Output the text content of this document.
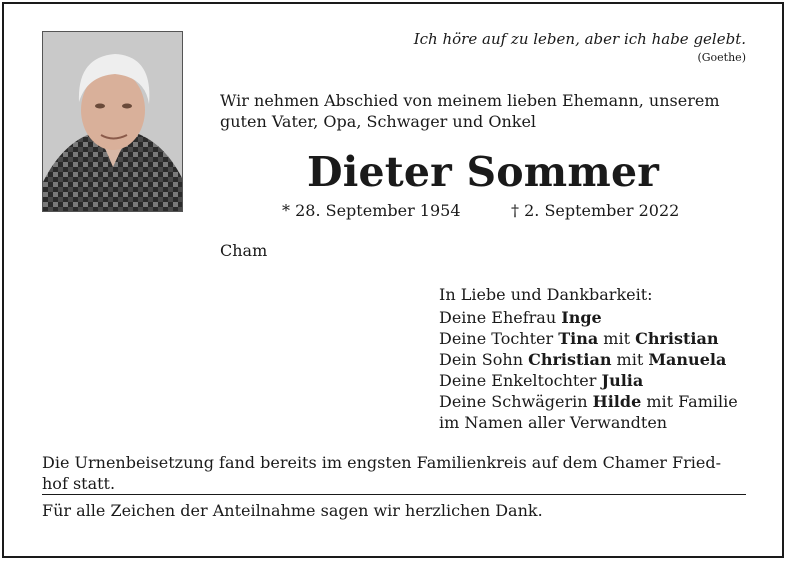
Ich höre auf zu leben, aber ich habe gelebt.
(Goethe)
Wir nehmen Abschied von meinem lieben Ehemann, unserem
guten Vater, Opa, Schwager und Onkel
Dieter Sommer
* 28. September 1954	† 2. September 2022
Cham
In Liebe und Dankbarkeit:
Deine Ehefrau Inge
Deine Tochter Tina mit Christian
Dein Sohn Christian mit Manuela
Deine Enkeltochter Julia
Deine Schwägerin Hilde mit Familie
im Namen aller Verwandten
Die Urnenbeisetzung fand bereits im engsten Familienkreis auf dem Chamer Fried-
hof statt.
Für alle Zeichen der Anteilnahme sagen wir herzlichen Dank.
